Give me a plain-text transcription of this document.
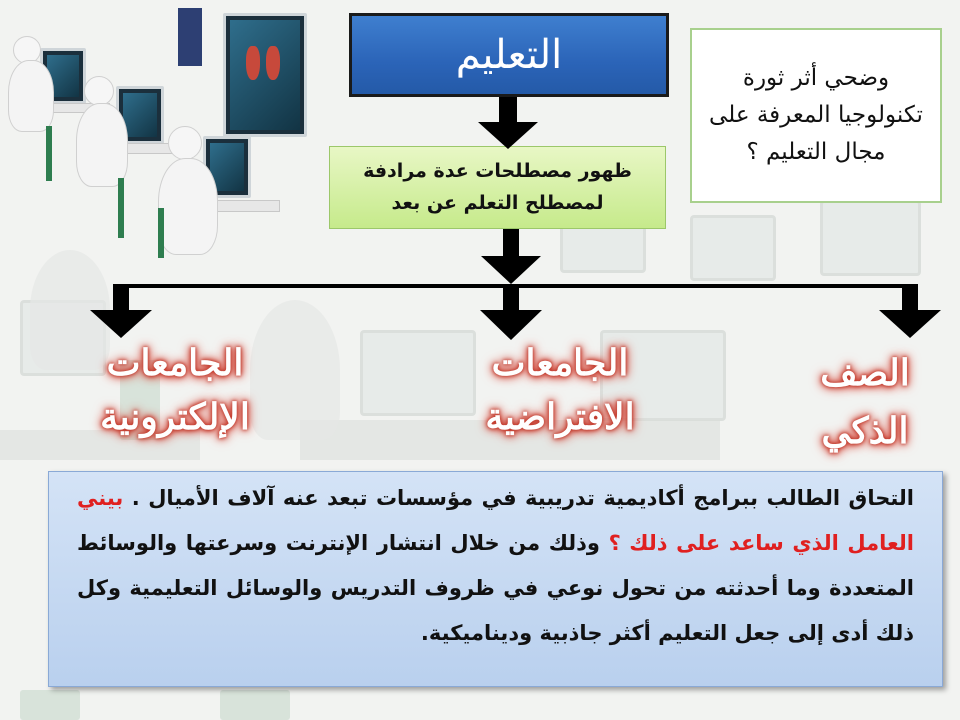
التعليم
وضحي أثر ثورة تكنولوجيا المعرفة على مجال التعليم ؟
ظهور مصطلحات عدة مرادفة لمصطلح التعلم عن بعد
الجامعات
الإلكترونية
الجامعات
الافتراضية
الصف
الذكي
التحاق الطالب ببرامج أكاديمية تدريبية في مؤسسات تبعد عنه آلاف الأميال . بيني العامل الذي ساعد على ذلك ؟ وذلك من خلال انتشار الإنترنت وسرعتها والوسائط المتعددة وما أحدثته من تحول نوعي في ظروف التدريس والوسائل التعليمية وكل ذلك أدى إلى جعل التعليم أكثر جاذبية وديناميكية.
